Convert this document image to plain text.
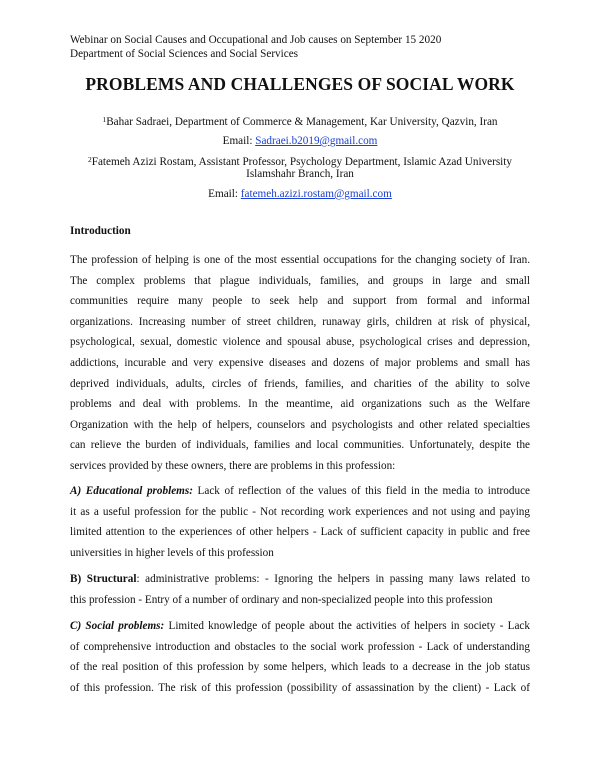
Webinar on Social Causes and Occupational and Job causes on September 15 2020
Department of Social Sciences and Social Services
PROBLEMS AND CHALLENGES OF SOCIAL WORK
$^1$Bahar Sadraei, Department of Commerce & Management, Kar University, Qazvin, Iran
Email: Sadraei.b2019@gmail.com
$^2$Fatemeh Azizi Rostam, Assistant Professor, Psychology Department, Islamic Azad University
Islamshahr Branch, Iran
Email: fatemeh.azizi.rostam@gmail.com
Introduction
The profession of helping is one of the most essential occupations for the changing society of Iran.
The complex problems that plague individuals, families, and groups in large and small
communities require many people to seek help and support from formal and informal
organizations. Increasing number of street children, runaway girls, children at risk of physical,
psychological, sexual, domestic violence and spousal abuse, psychological crises and depression,
addictions, incurable and very expensive diseases and dozens of major problems and small has
deprived individuals, adults, circles of friends, families, and charities of the ability to solve
problems and deal with problems. In the meantime, aid organizations such as the Welfare
Organization with the help of helpers, counselors and psychologists and other related specialties
can relieve the burden of individuals, families and local communities. Unfortunately, despite the
services provided by these owners, there are problems in this profession:
A) Educational problems: Lack of reflection of the values of this field in the media to introduce
it as a useful profession for the public - Not recording work experiences and not using and paying
limited attention to the experiences of other helpers - Lack of sufficient capacity in public and free
universities in higher levels of this profession
B) Structural: administrative problems: - Ignoring the helpers in passing many laws related to
this profession - Entry of a number of ordinary and non-specialized people into this profession
C) Social problems: Limited knowledge of people about the activities of helpers in society - Lack
of comprehensive introduction and obstacles to the social work profession - Lack of understanding
of the real position of this profession by some helpers, which leads to a decrease in the job status
of this profession. The risk of this profession (possibility of assassination by the client) - Lack of
